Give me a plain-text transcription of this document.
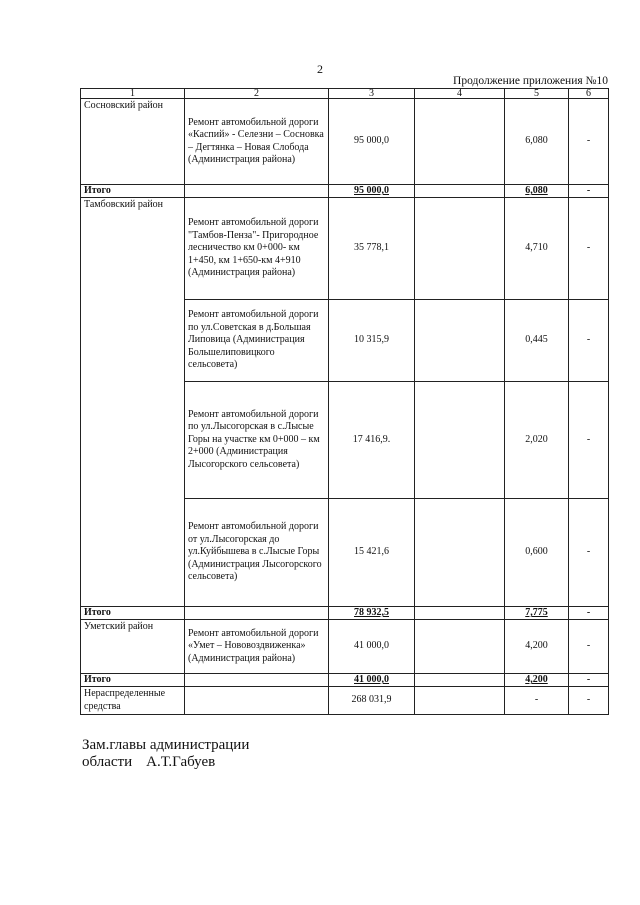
2
Продолжение приложения №10
1	2	3	4	5	6
Сосновский район	Ремонт автомобильной дороги «Каспий» - Селезни – Сосновка – Дегтянка – Новая Слобода (Администрация района)	95 000,0		6,080	-
Итого		95 000,0		6,080	-
Тамбовский район	Ремонт автомобильной дороги "Тамбов-Пенза"- Пригородное лесничество км 0+000- км 1+450, км 1+650-км 4+910 (Администрация района)	35 778,1		4,710	-
	Ремонт автомобильной дороги по ул.Советская в д.Большая Липовица (Администрация Большелиповицкого сельсовета)	10 315,9		0,445	-
	Ремонт автомобильной дороги по ул.Лысогорская в с.Лысые Горы на участке км 0+000 – км 2+000 (Администрация Лысогорского сельсовета)	17 416,9.		2,020	-
	Ремонт автомобильной дороги от ул.Лысогорская до ул.Куйбышева в с.Лысые Горы (Администрация Лысогорского сельсовета)	15 421,6		0,600	-
Итого		78 932,5		7,775	-
Уметский район	Ремонт автомобильной дороги «Умет – Нововоздвиженка» (Администрация района)	41 000,0		4,200	-
Итого		41 000,0		4,200	-
Нераспределенные средства		268 031,9		-	-
Зам.главы администрации
области А.Т.Габуев
